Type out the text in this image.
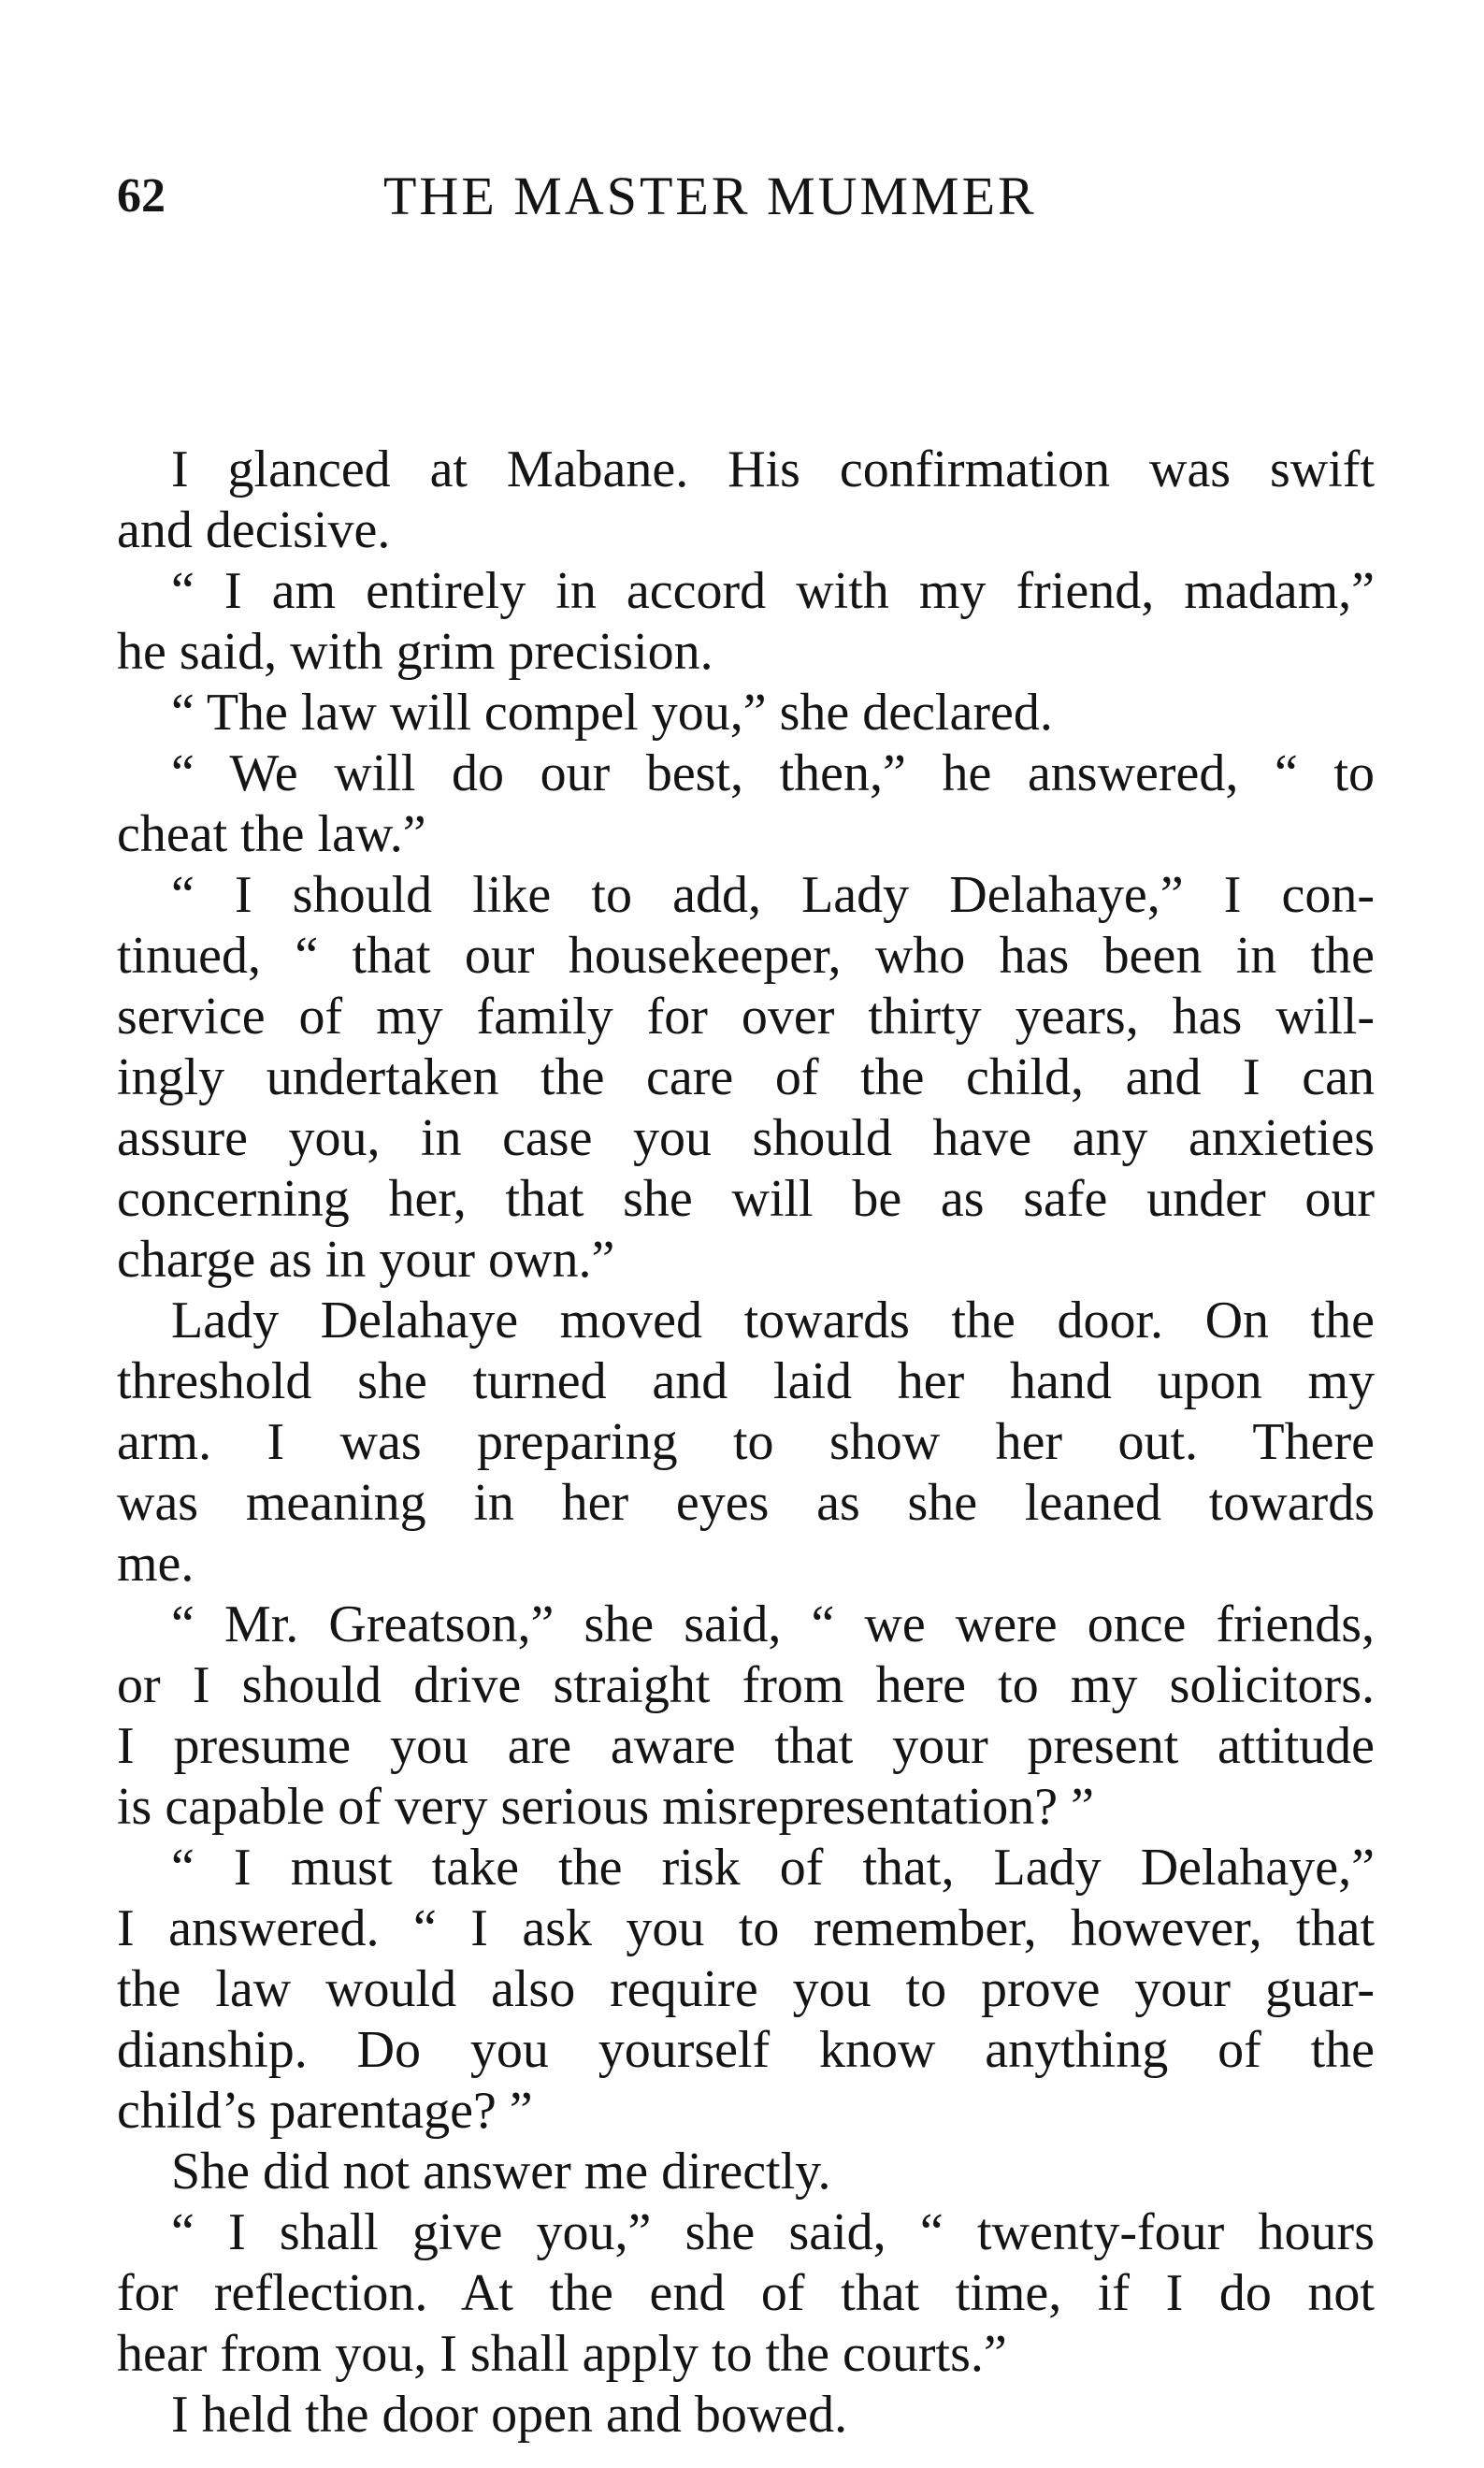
62	THE MASTER MUMMER
I glanced at Mabane. His confirmation was swift
and decisive.
“ I am entirely in accord with my friend, madam,”
he said, with grim precision.
“ The law will compel you,” she declared.
“ We will do our best, then,” he answered, “ to
cheat the law.”
“ I should like to add, Lady Delahaye,” I con-
tinued, “ that our housekeeper, who has been in the
service of my family for over thirty years, has will-
ingly undertaken the care of the child, and I can
assure you, in case you should have any anxieties
concerning her, that she will be as safe under our
charge as in your own.”
Lady Delahaye moved towards the door. On the
threshold she turned and laid her hand upon my
arm. I was preparing to show her out. There
was meaning in her eyes as she leaned towards
me.
“ Mr. Greatson,” she said, “ we were once friends,
or I should drive straight from here to my solicitors.
I presume you are aware that your present attitude
is capable of very serious misrepresentation? ”
“ I must take the risk of that, Lady Delahaye,”
I answered. “ I ask you to remember, however, that
the law would also require you to prove your guar-
dianship. Do you yourself know anything of the
child’s parentage? ”
She did not answer me directly.
“ I shall give you,” she said, “ twenty-four hours
for reflection. At the end of that time, if I do not
hear from you, I shall apply to the courts.”
I held the door open and bowed.
